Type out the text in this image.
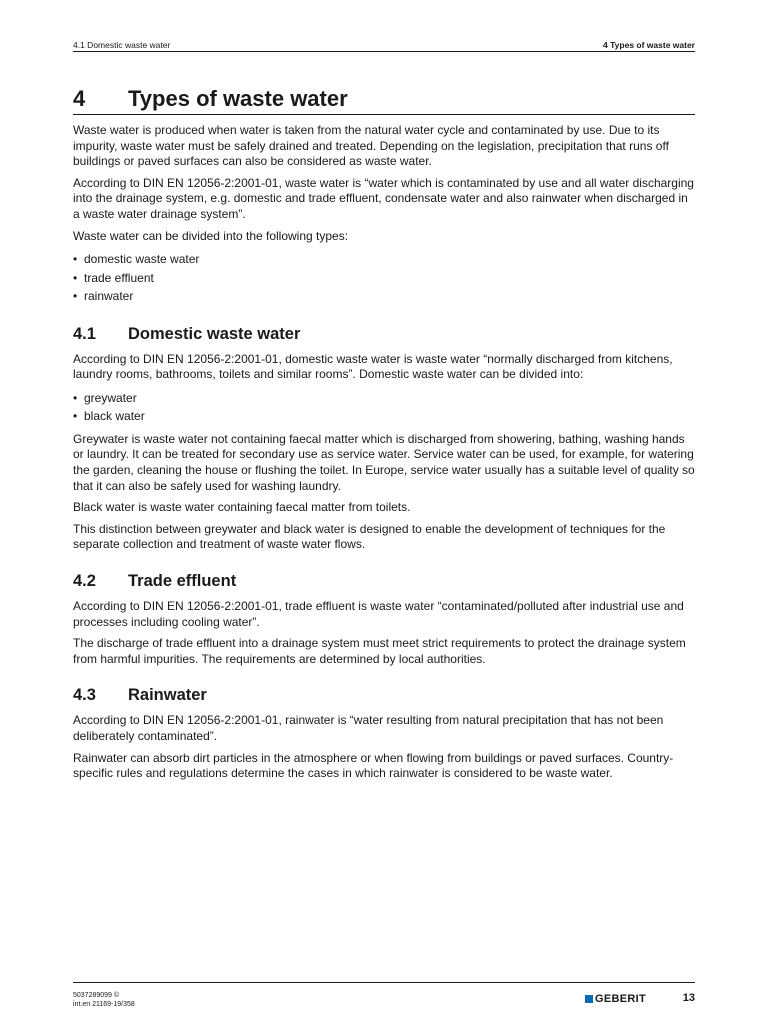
4.1 Domestic waste water	4 Types of waste water
4	Types of waste water

Waste water is produced when water is taken from the natural water cycle and contaminated by use. Due to its impurity, waste water must be safely drained and treated. Depending on the legislation, precipitation that runs off buildings or paved surfaces can also be considered as waste water.

According to DIN EN 12056-2:2001-01, waste water is “water which is contaminated by use and all water discharging into the drainage system, e.g. domestic and trade effluent, condensate water and also rainwater when discharged in a waste water drainage system”.

Waste water can be divided into the following types:

• domestic waste water
• trade effluent
• rainwater
4.1	Domestic waste water

According to DIN EN 12056-2:2001-01, domestic waste water is waste water “normally discharged from kitchens, laundry rooms, bathrooms, toilets and similar rooms”. Domestic waste water can be divided into:

• greywater
• black water

Greywater is waste water not containing faecal matter which is discharged from showering, bathing, washing hands or laundry. It can be treated for secondary use as service water. Service water can be used, for example, for watering the garden, cleaning the house or flushing the toilet. In Europe, service water usually has a suitable level of quality so that it can also be safely used for washing laundry.

Black water is waste water containing faecal matter from toilets.

This distinction between greywater and black water is designed to enable the development of techniques for the separate collection and treatment of waste water flows.

4.2	Trade effluent

According to DIN EN 12056-2:2001-01, trade effluent is waste water “contaminated/polluted after industrial use and processes including cooling water”.

The discharge of trade effluent into a drainage system must meet strict requirements to protect the drainage system from harmful impurities. The requirements are determined by local authorities.

4.3	Rainwater

According to DIN EN 12056-2:2001-01, rainwater is “water resulting from natural precipitation that has not been deliberately contaminated”.

Rainwater can absorb dirt particles in the atmosphere or when flowing from buildings or paved surfaces. Country-specific rules and regulations determine the cases in which rainwater is considered to be waste water.

5037289099 ©
int.en 21169-19/358	GEBERIT	13
